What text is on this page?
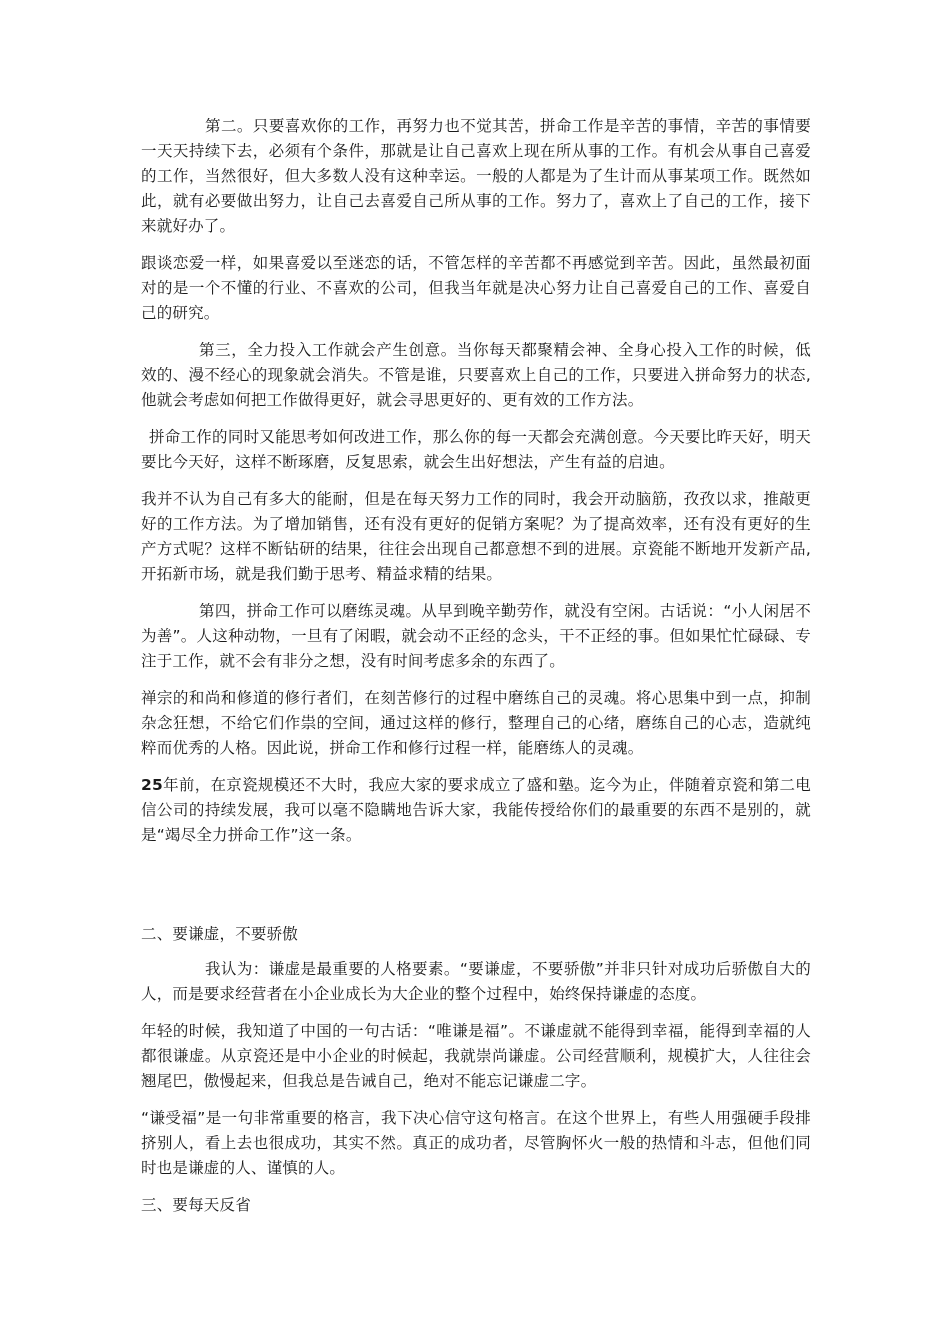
第二。只要喜欢你的工作，再努力也不觉其苦，拼命工作是辛苦的事情，辛苦的事情要一天天持续下去，必须有个条件，那就是让自己喜欢上现在所从事的工作。有机会从事自己喜爱的工作，当然很好，但大多数人没有这种幸运。一般的人都是为了生计而从事某项工作。既然如此，就有必要做出努力，让自己去喜爱自己所从事的工作。努力了，喜欢上了自己的工作，接下来就好办了。

跟谈恋爱一样，如果喜爱以至迷恋的话，不管怎样的辛苦都不再感觉到辛苦。因此，虽然最初面对的是一个不懂的行业、不喜欢的公司，但我当年就是决心努力让自己喜爱自己的工作、喜爱自己的研究。

第三，全力投入工作就会产生创意。当你每天都聚精会神、全身心投入工作的时候，低效的、漫不经心的现象就会消失。不管是谁，只要喜欢上自己的工作，只要进入拼命努力的状态,他就会考虑如何把工作做得更好，就会寻思更好的、更有效的工作方法。

拼命工作的同时又能思考如何改进工作，那么你的每一天都会充满创意。今天要比昨天好，明天要比今天好，这样不断琢磨，反复思索，就会生出好想法，产生有益的启迪。

我并不认为自己有多大的能耐，但是在每天努力工作的同时，我会开动脑筋，孜孜以求，推敲更好的工作方法。为了增加销售，还有没有更好的促销方案呢？为了提高效率，还有没有更好的生产方式呢？这样不断钻研的结果，往往会出现自己都意想不到的进展。京瓷能不断地开发新产品,开拓新市场，就是我们勤于思考、精益求精的结果。

第四，拼命工作可以磨练灵魂。从早到晚辛勤劳作，就没有空闲。古话说：“小人闲居不为善”。人这种动物，一旦有了闲暇，就会动不正经的念头，干不正经的事。但如果忙忙碌碌、专注于工作，就不会有非分之想，没有时间考虑多余的东西了。

禅宗的和尚和修道的修行者们，在刻苦修行的过程中磨练自己的灵魂。将心思集中到一点，抑制杂念狂想，不给它们作祟的空间，通过这样的修行，整理自己的心绪，磨练自己的心志，造就纯粹而优秀的人格。因此说，拼命工作和修行过程一样，能磨练人的灵魂。

25年前，在京瓷规模还不大时，我应大家的要求成立了盛和塾。迄今为止，伴随着京瓷和第二电信公司的持续发展，我可以毫不隐瞒地告诉大家，我能传授给你们的最重要的东西不是别的，就是“竭尽全力拼命工作”这一条。

二、要谦虚，不要骄傲

我认为：谦虚是最重要的人格要素。“要谦虚，不要骄傲”并非只针对成功后骄傲自大的人，而是要求经营者在小企业成长为大企业的整个过程中，始终保持谦虚的态度。

年轻的时候，我知道了中国的一句古话：“唯谦是福”。不谦虚就不能得到幸福，能得到幸福的人都很谦虚。从京瓷还是中小企业的时候起，我就崇尚谦虚。公司经营顺利，规模扩大，人往往会翘尾巴，傲慢起来，但我总是告诫自己，绝对不能忘记谦虚二字。

“谦受福”是一句非常重要的格言，我下决心信守这句格言。在这个世界上，有些人用强硬手段排挤别人，看上去也很成功，其实不然。真正的成功者，尽管胸怀火一般的热情和斗志，但他们同时也是谦虚的人、谨慎的人。

三、要每天反省
